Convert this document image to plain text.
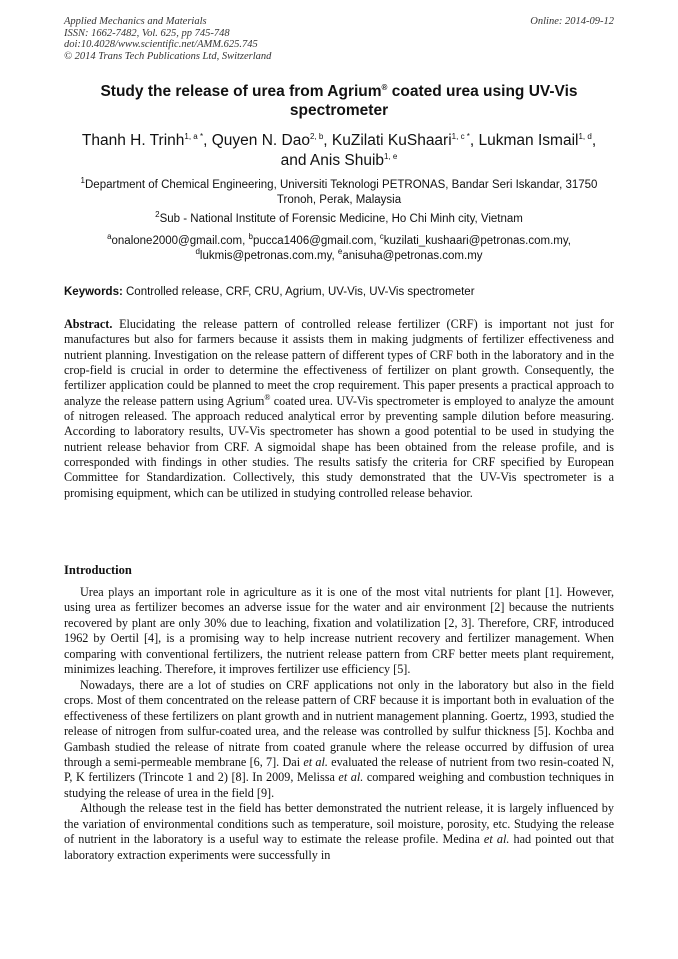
Applied Mechanics and Materials
ISSN: 1662-7482, Vol. 625, pp 745-748
doi:10.4028/www.scientific.net/AMM.625.745
© 2014 Trans Tech Publications Ltd, Switzerland
Online: 2014-09-12
Study the release of urea from Agrium® coated urea using UV-Vis spectrometer
Thanh H. Trinh$^{1, a *}$, Quyen N. Dao$^{2, b}$, KuZilati KuShaari$^{1, c *}$, Lukman Ismail$^{1, d}$,
and Anis Shuib$^{1, e}$
$^1$Department of Chemical Engineering, Universiti Teknologi PETRONAS, Bandar Seri Iskandar, 31750 Tronoh, Perak, Malaysia
$^2$Sub - National Institute of Forensic Medicine, Ho Chi Minh city, Vietnam
$^a$onalone2000@gmail.com, $^b$pucca1406@gmail.com, $^c$kuzilati_kushaari@petronas.com.my,
$^d$lukmis@petronas.com.my, $^e$anisuha@petronas.com.my
Keywords: Controlled release, CRF, CRU, Agrium, UV-Vis, UV-Vis spectrometer
Abstract. Elucidating the release pattern of controlled release fertilizer (CRF) is important not just for manufactures but also for farmers because it assists them in making judgments of fertilizer effectiveness and nutrient planning. Investigation on the release pattern of different types of CRF both in the laboratory and in the crop-field is crucial in order to determine the effectiveness of fertilizer on plant growth. Consequently, the fertilizer application could be planned to meet the crop requirement. This paper presents a practical approach to analyze the release pattern using Agrium® coated urea. UV-Vis spectrometer is employed to analyze the amount of nitrogen released. The approach reduced analytical error by preventing sample dilution before measuring. According to laboratory results, UV-Vis spectrometer has shown a good potential to be used in studying the nutrient release behavior from CRF. A sigmoidal shape has been obtained from the release profile, and is corresponded with findings in other studies. The results satisfy the criteria for CRF specified by European Committee for Standardization. Collectively, this study demonstrated that the UV-Vis spectrometer is a promising equipment, which can be utilized in studying controlled release behavior.
Introduction

Urea plays an important role in agriculture as it is one of the most vital nutrients for plant [1]. However, using urea as fertilizer becomes an adverse issue for the water and air environment [2] because the nutrients recovered by plant are only 30% due to leaching, fixation and volatilization [2, 3]. Therefore, CRF, introduced 1962 by Oertil [4], is a promising way to help increase nutrient recovery and fertilizer management. When comparing with conventional fertilizers, the nutrient release pattern from CRF better meets plant requirement, minimizes leaching. Therefore, it improves fertilizer use efficiency [5].

Nowadays, there are a lot of studies on CRF applications not only in the laboratory but also in the field crops. Most of them concentrated on the release pattern of CRF because it is important both in evaluation of the effectiveness of these fertilizers on plant growth and in nutrient management planning. Goertz, 1993, studied the release of nitrogen from sulfur-coated urea, and the release was controlled by sulfur thickness [5]. Kochba and Gambash studied the release of nitrate from coated granule where the release occurred by diffusion of urea through a semi-permeable membrane [6, 7]. Dai et al. evaluated the release of nutrient from two resin-coated N, P, K fertilizers (Trincote 1 and 2) [8]. In 2009, Melissa et al. compared weighing and combustion techniques in studying the release of urea in the field [9].

Although the release test in the field has better demonstrated the nutrient release, it is largely influenced by the variation of environmental conditions such as temperature, soil moisture, porosity, etc. Studying the release of nutrient in the laboratory is a useful way to estimate the release profile. Medina et al. had pointed out that laboratory extraction experiments were successfully in
